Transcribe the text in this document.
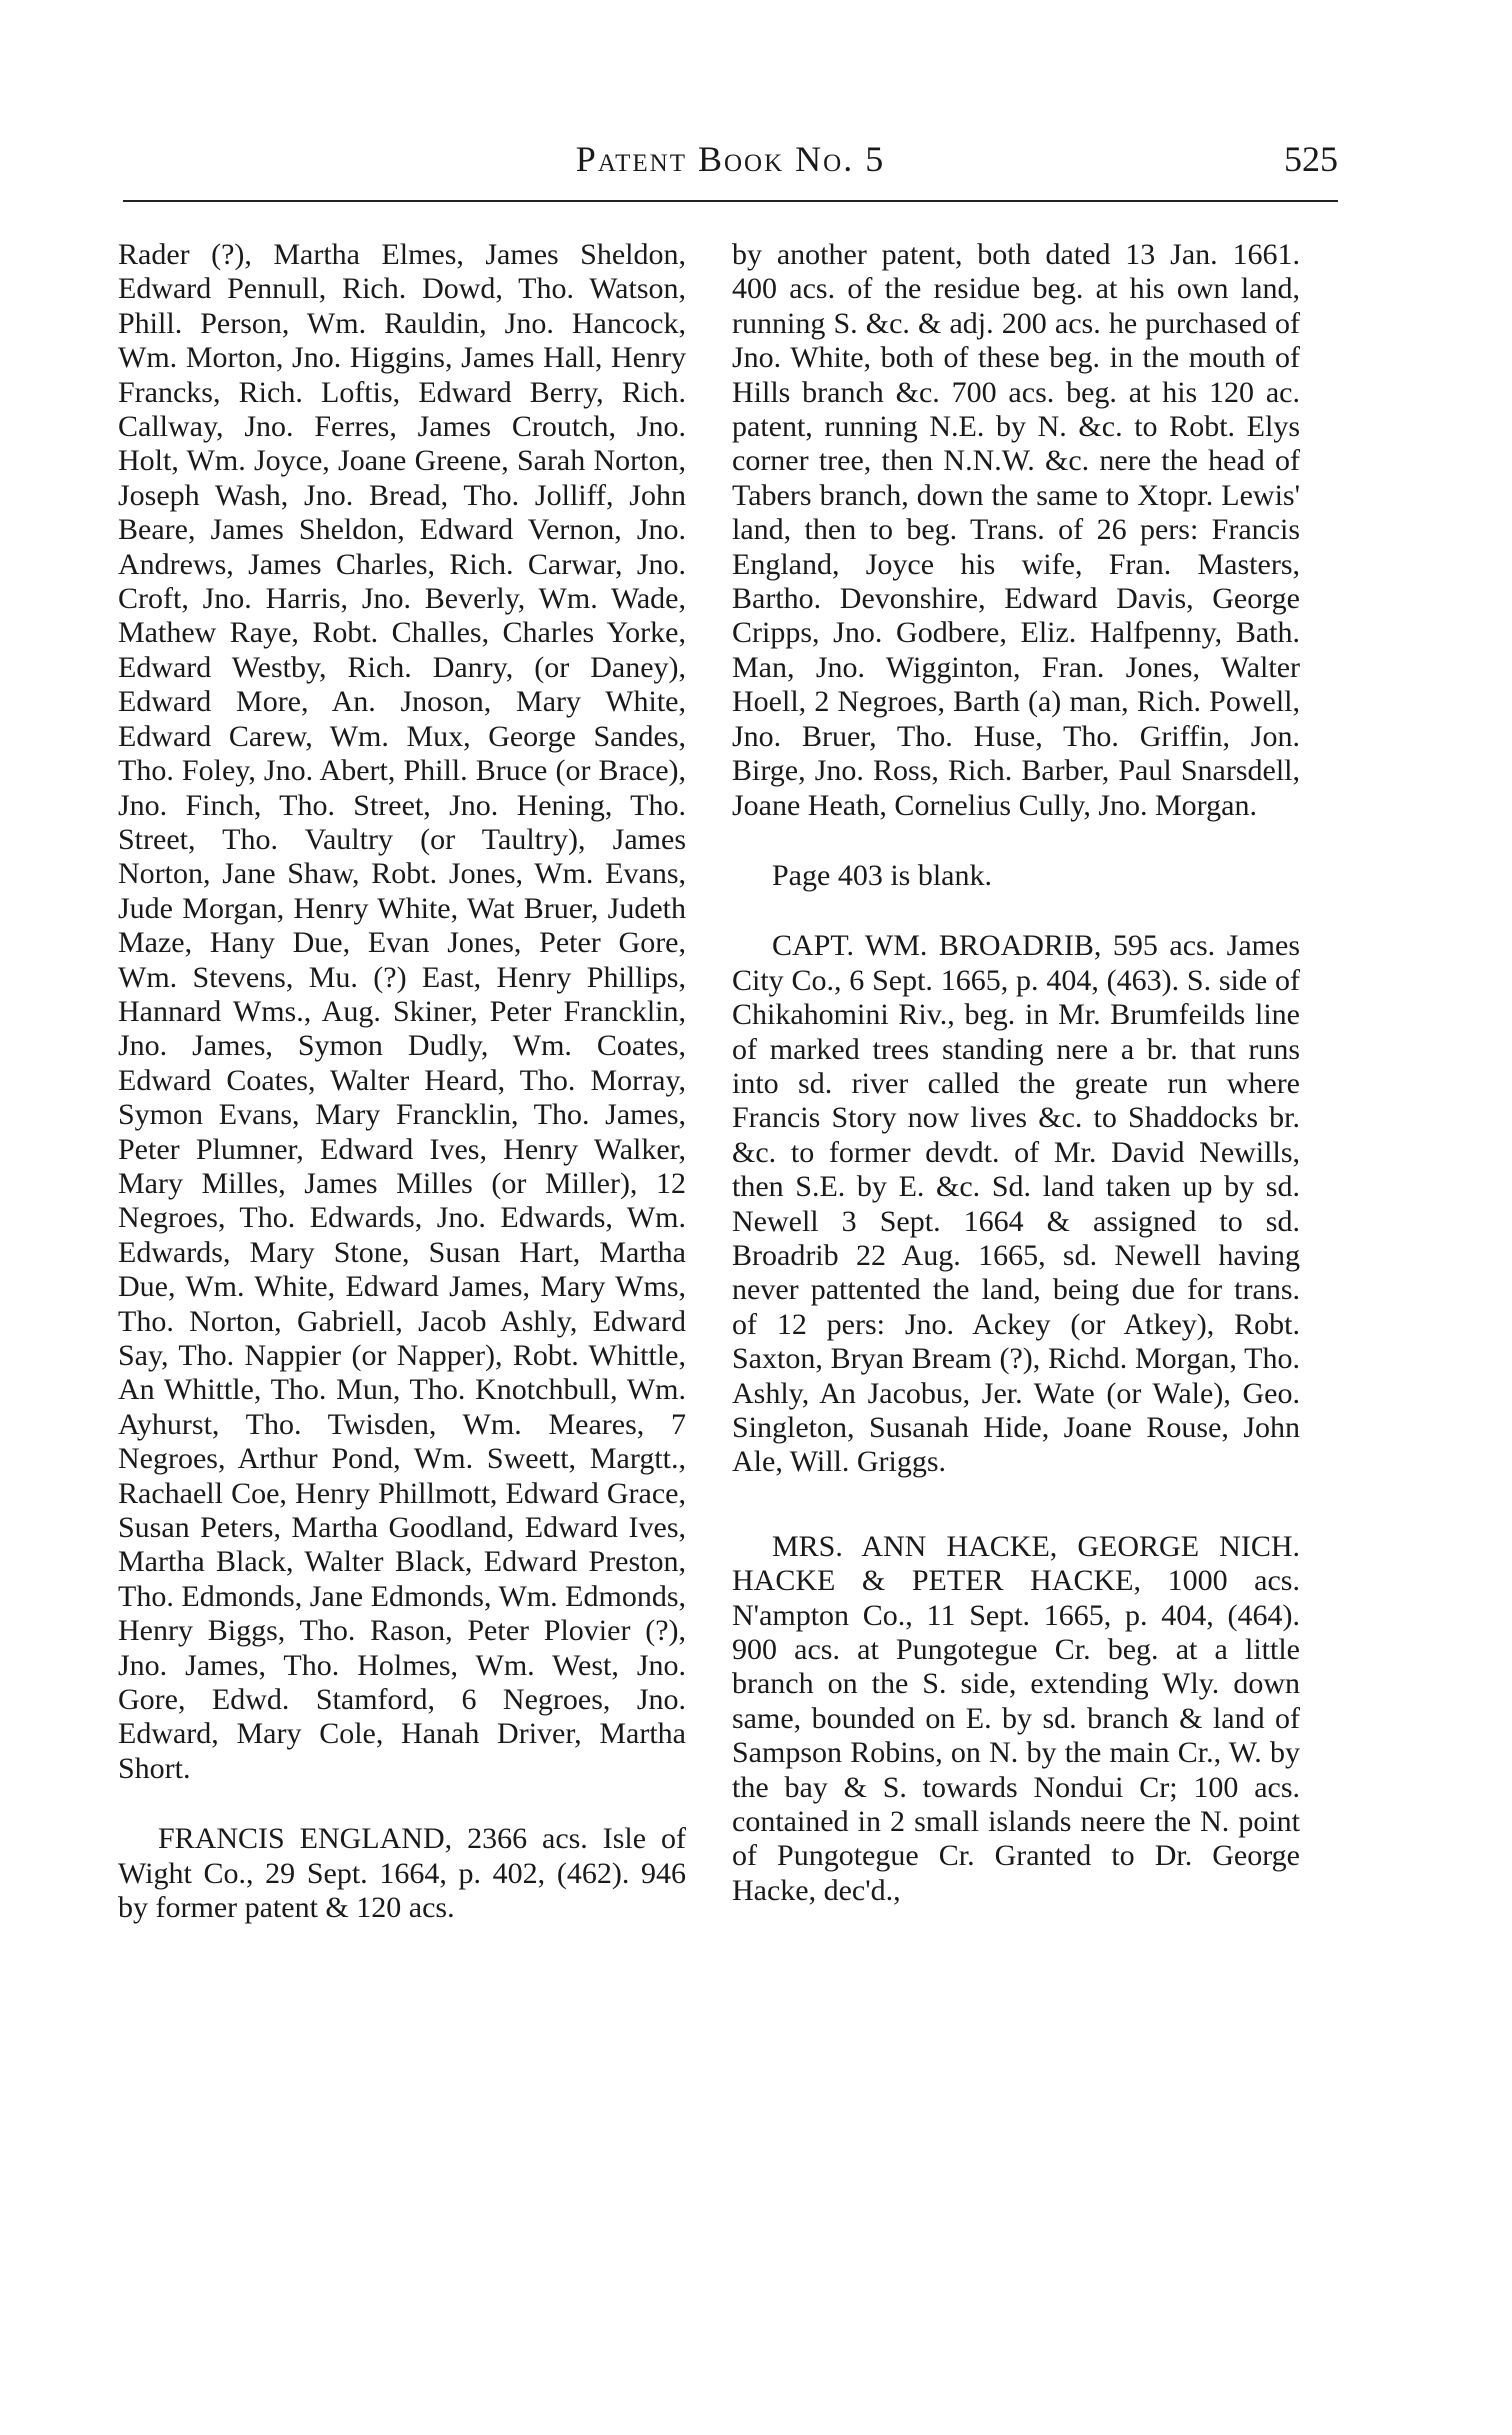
Patent Book No. 5	525

Rader (?), Martha Elmes, James Sheldon, Edward Pennull, Rich. Dowd, Tho. Watson, Phill. Person, Wm. Rauldin, Jno. Hancock, Wm. Morton, Jno. Higgins, James Hall, Henry Francks, Rich. Loftis, Edward Berry, Rich. Callway, Jno. Ferres, James Croutch, Jno. Holt, Wm. Joyce, Joane Greene, Sarah Norton, Joseph Wash, Jno. Bread, Tho. Jolliff, John Beare, James Sheldon, Edward Vernon, Jno. Andrews, James Charles, Rich. Carwar, Jno. Croft, Jno. Harris, Jno. Beverly, Wm. Wade, Mathew Raye, Robt. Challes, Charles Yorke, Edward Westby, Rich. Danry, (or Daney), Edward More, An. Jnoson, Mary White, Edward Carew, Wm. Mux, George Sandes, Tho. Foley, Jno. Abert, Phill. Bruce (or Brace), Jno. Finch, Tho. Street, Jno. Hening, Tho. Street, Tho. Vaultry (or Taultry), James Norton, Jane Shaw, Robt. Jones, Wm. Evans, Jude Morgan, Henry White, Wat Bruer, Judeth Maze, Hany Due, Evan Jones, Peter Gore, Wm. Stevens, Mu. (?) East, Henry Phillips, Hannard Wms., Aug. Skiner, Peter Francklin, Jno. James, Symon Dudly, Wm. Coates, Edward Coates, Walter Heard, Tho. Morray, Symon Evans, Mary Francklin, Tho. James, Peter Plumner, Edward Ives, Henry Walker, Mary Milles, James Milles (or Miller), 12 Negroes, Tho. Edwards, Jno. Edwards, Wm. Edwards, Mary Stone, Susan Hart, Martha Due, Wm. White, Edward James, Mary Wms, Tho. Norton, Gabriell, Jacob Ashly, Edward Say, Tho. Nappier (or Napper), Robt. Whittle, An Whittle, Tho. Mun, Tho. Knotchbull, Wm. Ayhurst, Tho. Twisden, Wm. Meares, 7 Negroes, Arthur Pond, Wm. Sweett, Margtt., Rachaell Coe, Henry Phillmott, Edward Grace, Susan Peters, Martha Goodland, Edward Ives, Martha Black, Walter Black, Edward Preston, Tho. Edmonds, Jane Edmonds, Wm. Edmonds, Henry Biggs, Tho. Rason, Peter Plovier (?), Jno. James, Tho. Holmes, Wm. West, Jno. Gore, Edwd. Stamford, 6 Negroes, Jno. Edward, Mary Cole, Hanah Driver, Martha Short.

FRANCIS ENGLAND, 2366 acs. Isle of Wight Co., 29 Sept. 1664, p. 402, (462). 946 by former patent & 120 acs.

by another patent, both dated 13 Jan. 1661. 400 acs. of the residue beg. at his own land, running S. &c. & adj. 200 acs. he purchased of Jno. White, both of these beg. in the mouth of Hills branch &c. 700 acs. beg. at his 120 ac. patent, running N.E. by N. &c. to Robt. Elys corner tree, then N.N.W. &c. nere the head of Tabers branch, down the same to Xtopr. Lewis' land, then to beg. Trans. of 26 pers: Francis England, Joyce his wife, Fran. Masters, Bartho. Devonshire, Edward Davis, George Cripps, Jno. Godbere, Eliz. Halfpenny, Bath. Man, Jno. Wigginton, Fran. Jones, Walter Hoell, 2 Negroes, Barth (a) man, Rich. Powell, Jno. Bruer, Tho. Huse, Tho. Griffin, Jon. Birge, Jno. Ross, Rich. Barber, Paul Snarsdell, Joane Heath, Cornelius Cully, Jno. Morgan.

Page 403 is blank.

CAPT. WM. BROADRIB, 595 acs. James City Co., 6 Sept. 1665, p. 404, (463). S. side of Chikahomini Riv., beg. in Mr. Brumfeilds line of marked trees standing nere a br. that runs into sd. river called the greate run where Francis Story now lives &c. to Shaddocks br. &c. to former devdt. of Mr. David Newills, then S.E. by E. &c. Sd. land taken up by sd. Newell 3 Sept. 1664 & assigned to sd. Broadrib 22 Aug. 1665, sd. Newell having never pattented the land, being due for trans. of 12 pers: Jno. Ackey (or Atkey), Robt. Saxton, Bryan Bream (?), Richd. Morgan, Tho. Ashly, An Jacobus, Jer. Wate (or Wale), Geo. Singleton, Susanah Hide, Joane Rouse, John Ale, Will. Griggs.

MRS. ANN HACKE, GEORGE NICH. HACKE & PETER HACKE, 1000 acs. N'ampton Co., 11 Sept. 1665, p. 404, (464). 900 acs. at Pungotegue Cr. beg. at a little branch on the S. side, extending Wly. down same, bounded on E. by sd. branch & land of Sampson Robins, on N. by the main Cr., W. by the bay & S. towards Nondui Cr; 100 acs. contained in 2 small islands neere the N. point of Pungotegue Cr. Granted to Dr. George Hacke, dec'd.,
